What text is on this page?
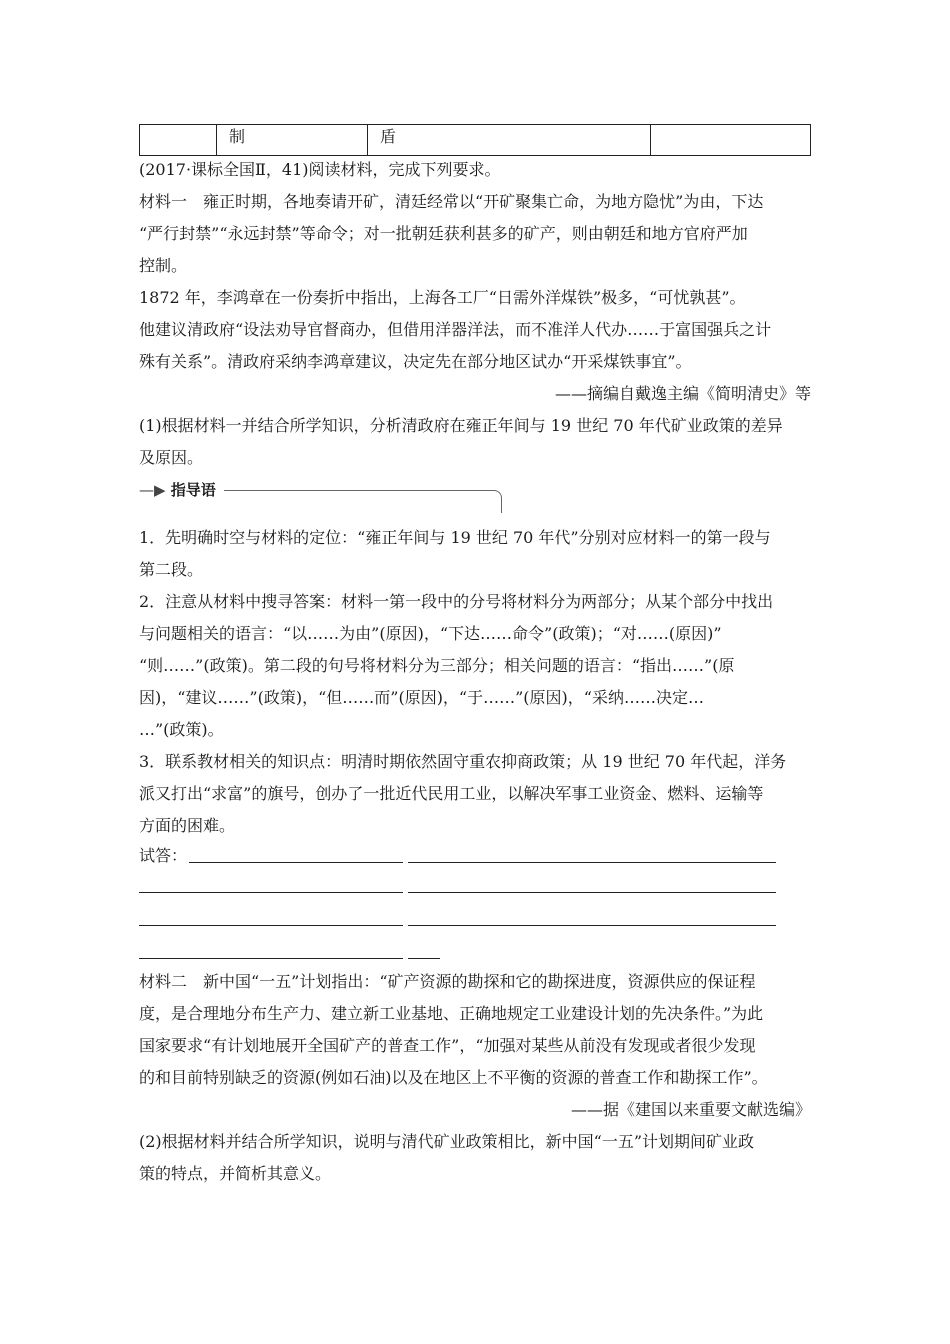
	制	盾	
(2017·课标全国Ⅱ，41)阅读材料，完成下列要求。
材料一　雍正时期，各地奏请开矿，清廷经常以“开矿聚集亡命，为地方隐忧”为由，下达
“严行封禁”“永远封禁”等命令；对一批朝廷获利甚多的矿产，则由朝廷和地方官府严加
控制。
1872 年，李鸿章在一份奏折中指出，上海各工厂“日需外洋煤铁”极多，“可忧孰甚”。
他建议清政府“设法劝导官督商办，但借用洋器洋法，而不准洋人代办……于富国强兵之计
殊有关系”。清政府采纳李鸿章建议，决定先在部分地区试办“开采煤铁事宜”。
——摘编自戴逸主编《简明清史》等
(1)根据材料一并结合所学知识，分析清政府在雍正年间与 19 世纪 70 年代矿业政策的差异
及原因。
—▶ 指导语
1．先明确时空与材料的定位：“雍正年间与 19 世纪 70 年代”分别对应材料一的第一段与
第二段。
2．注意从材料中搜寻答案：材料一第一段中的分号将材料分为两部分；从某个部分中找出
与问题相关的语言：“以……为由”(原因)，“下达……命令”(政策)；“对……(原因)”
“则……”(政策)。第二段的句号将材料分为三部分；相关问题的语言：“指出……”(原
因)，“建议……”(政策)，“但……而”(原因)，“于……”(原因)，“采纳……决定…
…”(政策)。
3．联系教材相关的知识点：明清时期依然固守重农抑商政策；从 19 世纪 70 年代起，洋务
派又打出“求富”的旗号，创办了一批近代民用工业，以解决军事工业资金、燃料、运输等
方面的困难。
试答：
材料二　新中国“一五”计划指出：“矿产资源的勘探和它的勘探进度，资源供应的保证程
度，是合理地分布生产力、建立新工业基地、正确地规定工业建设计划的先决条件。”为此
国家要求“有计划地展开全国矿产的普查工作”，“加强对某些从前没有发现或者很少发现
的和目前特别缺乏的资源(例如石油)以及在地区上不平衡的资源的普查工作和勘探工作”。
——据《建国以来重要文献选编》
(2)根据材料并结合所学知识，说明与清代矿业政策相比，新中国“一五”计划期间矿业政
策的特点，并简析其意义。
